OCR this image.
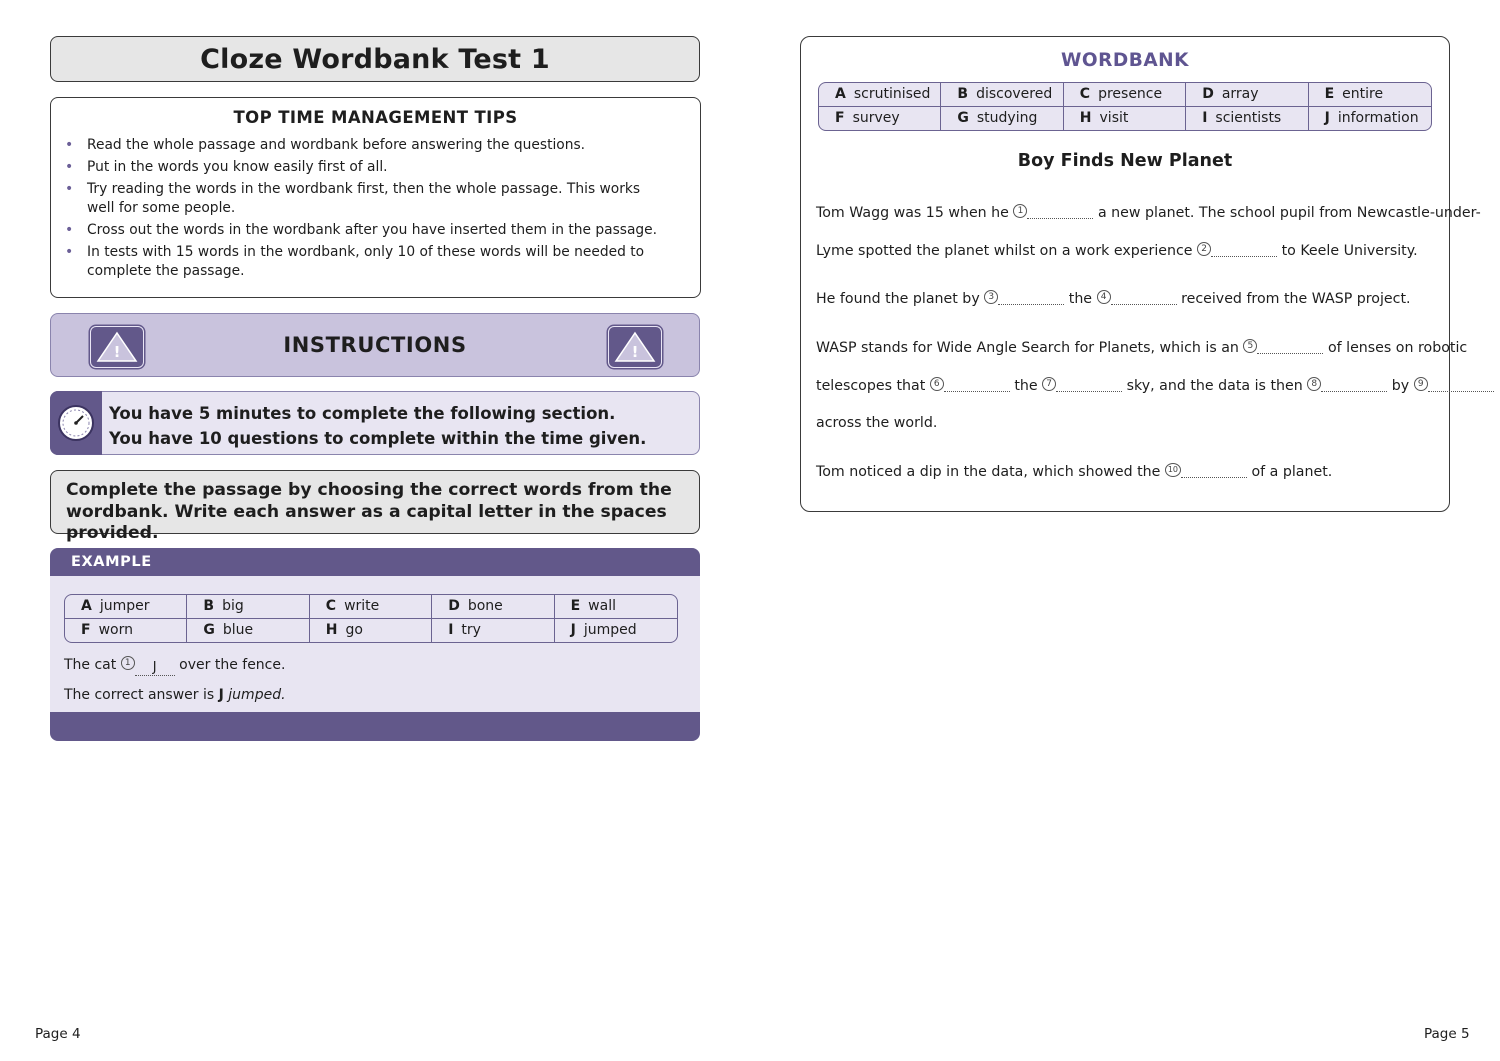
Cloze Wordbank Test 1
TOP TIME MANAGEMENT TIPS
• Read the whole passage and wordbank before answering the questions.
• Put in the words you know easily first of all.
• Try reading the words in the wordbank first, then the whole passage. This works well for some people.
• Cross out the words in the wordbank after you have inserted them in the passage.
• In tests with 15 words in the wordbank, only 10 of these words will be needed to complete the passage.
!	INSTRUCTIONS	!

You have 5 minutes to complete the following section.

You have 10 questions to complete within the time given.

Complete the passage by choosing the correct words from the

wordbank. Write each answer as a capital letter in the spaces provided.

EXAMPLE
A jumper	B big	C write	D bone	E wall
F worn	G blue	H go	I try	J jumped
The cat 1 J over the fence.
The correct answer is J jumped.
Page 4
WORDBANK
A scrutinised	B discovered	C presence	D array	E entire
F survey	G studying	H visit	I scientists	J information
Boy Finds New Planet
Tom Wagg was 15 when he 1	a new planet. The school pupil from Newcastle-under-
Lyme spotted the planet whilst on a work experience 2	to Keele University.
He found the planet by 3	the 4	received from the WASP project.
WASP stands for Wide Angle Search for Planets, which is an 5	of lenses on robotic
telescopes that 6	the 7	sky, and the data is then 8	by 9
across the world.
Tom noticed a dip in the data, which showed the 10	of a planet.
Page 5
